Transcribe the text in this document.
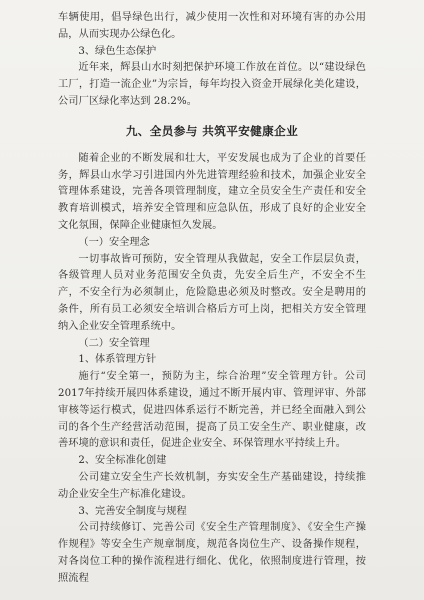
车辆使用，倡导绿色出行，减少使用一次性和对环境有害的办公用品，从而实现办公绿色化。

3、绿色生态保护

近年来，辉县山水时刻把保护环境工作放在首位。以“建设绿色工厂，打造一流企业”为宗旨，每年均投入资金开展绿化美化建设，公司厂区绿化率达到 28.2%。

九、全员参与 共筑平安健康企业

随着企业的不断发展和壮大，平安发展也成为了企业的首要任务，辉县山水学习引进国内外先进管理经验和技术，加强企业安全管理体系建设，完善各项管理制度，建立全员安全生产责任和安全教育培训模式，培养安全管理和应急队伍，形成了良好的企业安全文化氛围，保障企业健康恒久发展。

（一）安全理念

一切事故皆可预防，安全管理从我做起，安全工作层层负责，各级管理人员对业务范围安全负责，先安全后生产，不安全不生产，不安全行为必须制止，危险隐患必须及时整改。安全是聘用的条件，所有员工必须安全培训合格后方可上岗，把相关方安全管理纳入企业安全管理系统中。

（二）安全管理

1、体系管理方针

施行“安全第一，预防为主，综合治理”安全管理方针。公司 2017年持续开展四体系建设，通过不断开展内审、管理评审、外部审核等运行模式，促进四体系运行不断完善，并已经全面融入到公司的各个生产经营活动范围，提高了员工安全生产、职业健康，改善环境的意识和责任，促进企业安全、环保管理水平持续上升。

2、安全标准化创建

公司建立安全生产长效机制，夯实安全生产基础建设，持续推动企业安全生产标准化建设。

3、完善安全制度与规程

公司持续修订、完善公司《安全生产管理制度》、《安全生产操作规程》等安全生产规章制度，规范各岗位生产、设备操作规程，对各岗位工种的操作流程进行细化、优化，依照制度进行管理，按照流程
